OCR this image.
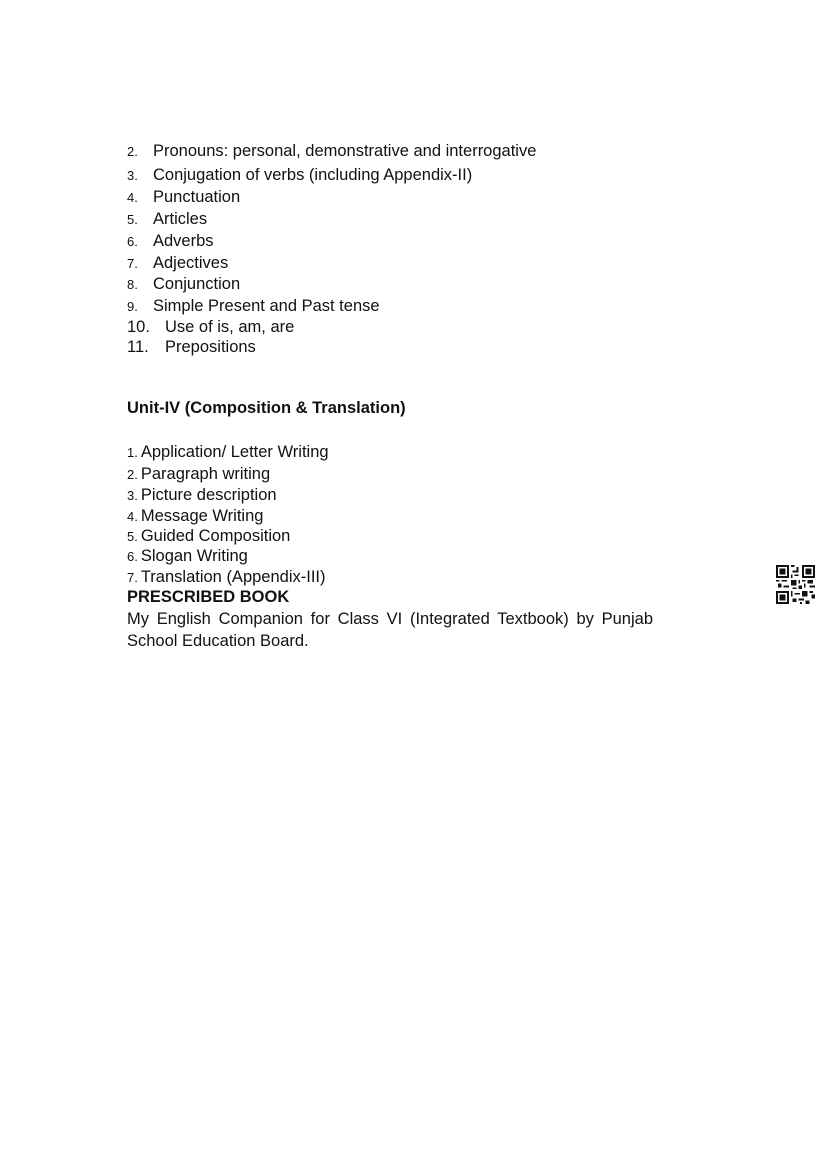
2. Pronouns: personal, demonstrative and interrogative
3. Conjugation of verbs (including Appendix-II)
4. Punctuation
5. Articles
6. Adverbs
7. Adjectives
8. Conjunction
9. Simple Present and Past tense
10. Use of is, am, are
11. Prepositions
Unit-IV (Composition & Translation)
1. Application/ Letter Writing
2. Paragraph writing
3. Picture description
4. Message Writing
5. Guided Composition
6. Slogan Writing
7. Translation (Appendix-III)
PRESCRIBED BOOK

My English Companion for Class VI (Integrated Textbook) by Punjab School Education Board.
